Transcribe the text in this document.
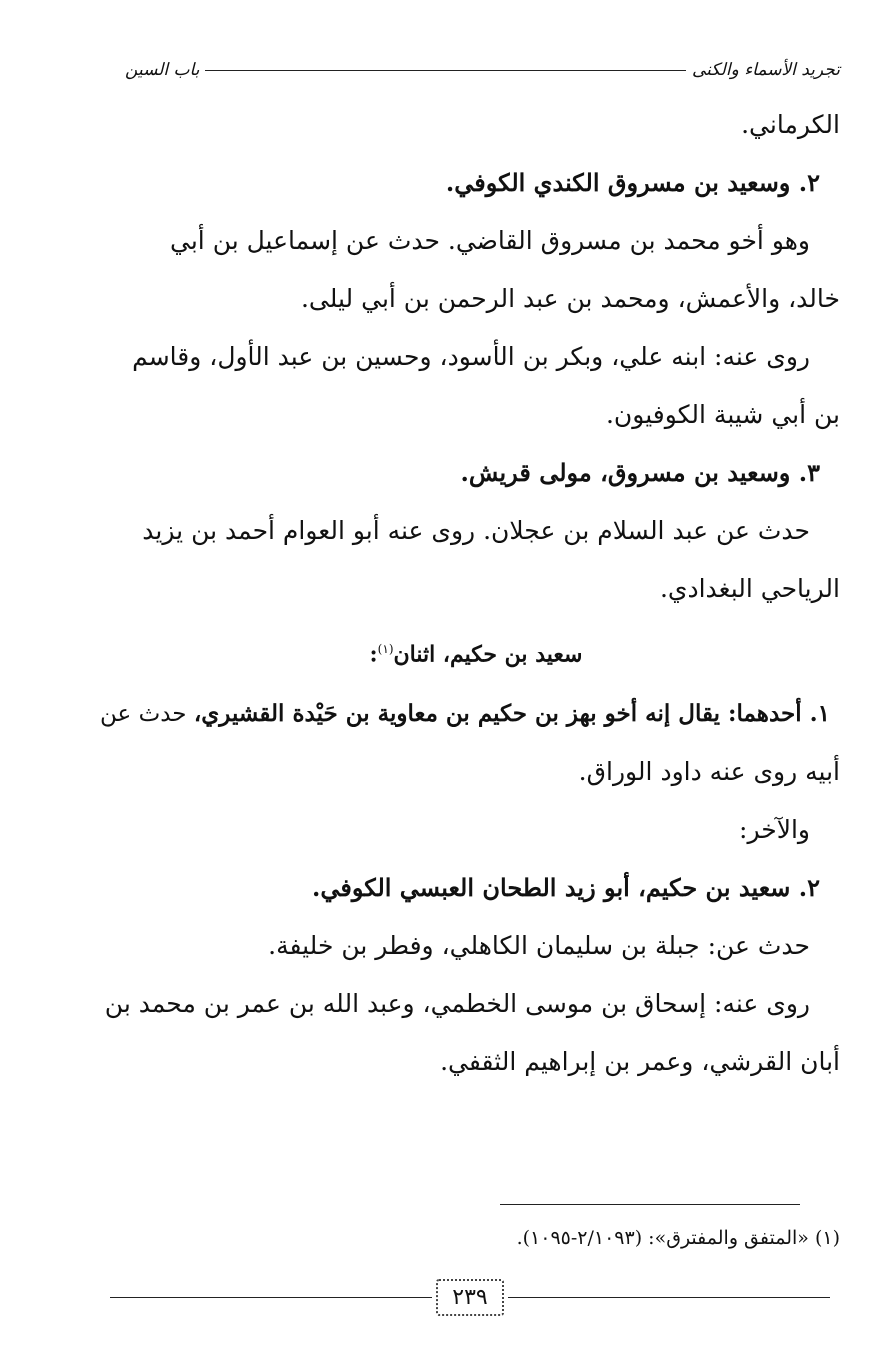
تجريد الأسماء والكنى
باب السين

الكرماني.

٢. وسعيد بن مسروق الكندي الكوفي.

وهو أخو محمد بن مسروق القاضي. حدث عن إسماعيل بن أبي

خالد، والأعمش، ومحمد بن عبد الرحمن بن أبي ليلى.

روى عنه: ابنه علي، وبكر بن الأسود، وحسين بن عبد الأول، وقاسم

بن أبي شيبة الكوفيون.

٣. وسعيد بن مسروق، مولى قريش.

حدث عن عبد السلام بن عجلان. روى عنه أبو العوام أحمد بن يزيد

الرياحي البغدادي.

سعيد بن حكيم، اثنان$^{(١)}$:

١. أحدهما: يقال إنه أخو بهز بن حكيم بن معاوية بن حَيْدة القشيري، حدث عن

أبيه روى عنه داود الوراق.

والآخر:

٢. سعيد بن حكيم، أبو زيد الطحان العبسي الكوفي.

حدث عن: جبلة بن سليمان الكاهلي، وفطر بن خليفة.

روى عنه: إسحاق بن موسى الخطمي، وعبد الله بن عمر بن محمد بن

أبان القرشي، وعمر بن إبراهيم الثقفي.

(١) «المتفق والمفترق»: (٢/١٠٩٣-١٠٩٥).
٢٣٩
